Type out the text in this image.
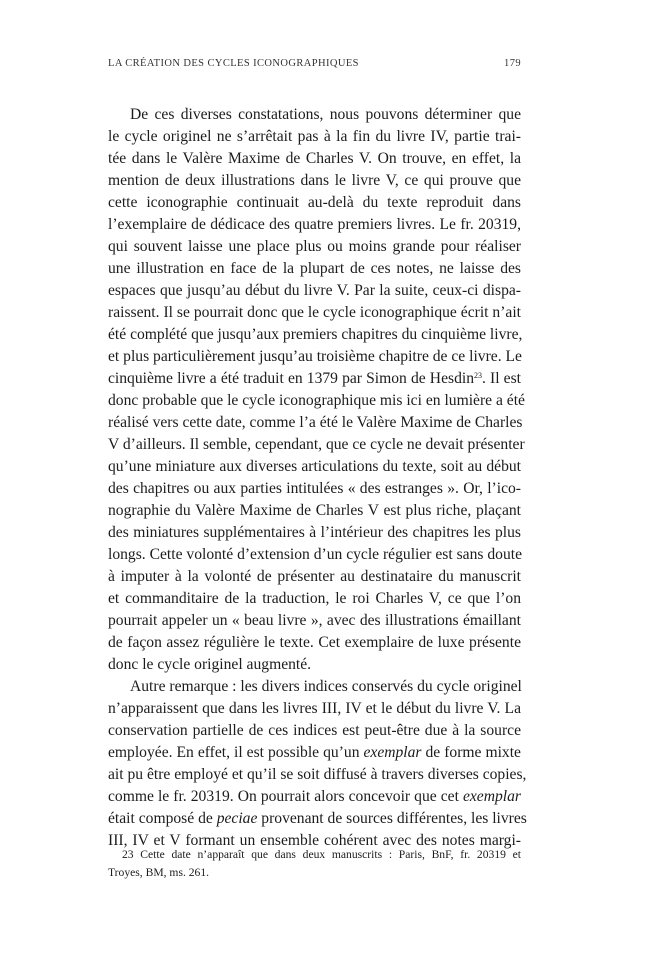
LA CRÉATION DES CYCLES ICONOGRAPHIQUES	179
De ces diverses constatations, nous pouvons déterminer que
le cycle originel ne s’arrêtait pas à la fin du livre IV, partie trai-
tée dans le Valère Maxime de Charles V. On trouve, en effet, la
mention de deux illustrations dans le livre V, ce qui prouve que
cette iconographie continuait au-delà du texte reproduit dans
l’exemplaire de dédicace des quatre premiers livres. Le fr. 20319,
qui souvent laisse une place plus ou moins grande pour réaliser
une illustration en face de la plupart de ces notes, ne laisse des
espaces que jusqu’au début du livre V. Par la suite, ceux-ci dispa-
raissent. Il se pourrait donc que le cycle iconographique écrit n’ait
été complété que jusqu’aux premiers chapitres du cinquième livre,
et plus particulièrement jusqu’au troisième chapitre de ce livre. Le
cinquième livre a été traduit en 1379 par Simon de Hesdin$^{23}$. Il est
donc probable que le cycle iconographique mis ici en lumière a été
réalisé vers cette date, comme l’a été le Valère Maxime de Charles
V d’ailleurs. Il semble, cependant, que ce cycle ne devait présenter
qu’une miniature aux diverses articulations du texte, soit au début
des chapitres ou aux parties intitulées « des estranges ». Or, l’ico-
nographie du Valère Maxime de Charles V est plus riche, plaçant
des miniatures supplémentaires à l’intérieur des chapitres les plus
longs. Cette volonté d’extension d’un cycle régulier est sans doute
à imputer à la volonté de présenter au destinataire du manuscrit
et commanditaire de la traduction, le roi Charles V, ce que l’on
pourrait appeler un « beau livre », avec des illustrations émaillant
de façon assez régulière le texte. Cet exemplaire de luxe présente
donc le cycle originel augmenté.
Autre remarque : les divers indices conservés du cycle originel
n’apparaissent que dans les livres III, IV et le début du livre V. La
conservation partielle de ces indices est peut-être due à la source
employée. En effet, il est possible qu’un exemplar de forme mixte
ait pu être employé et qu’il se soit diffusé à travers diverses copies,
comme le fr. 20319. On pourrait alors concevoir que cet exemplar
était composé de peciae provenant de sources différentes, les livres
III, IV et V formant un ensemble cohérent avec des notes margi-
23 Cette date n’apparaît que dans deux manuscrits : Paris, BnF, fr. 20319 et
Troyes, BM, ms. 261.
